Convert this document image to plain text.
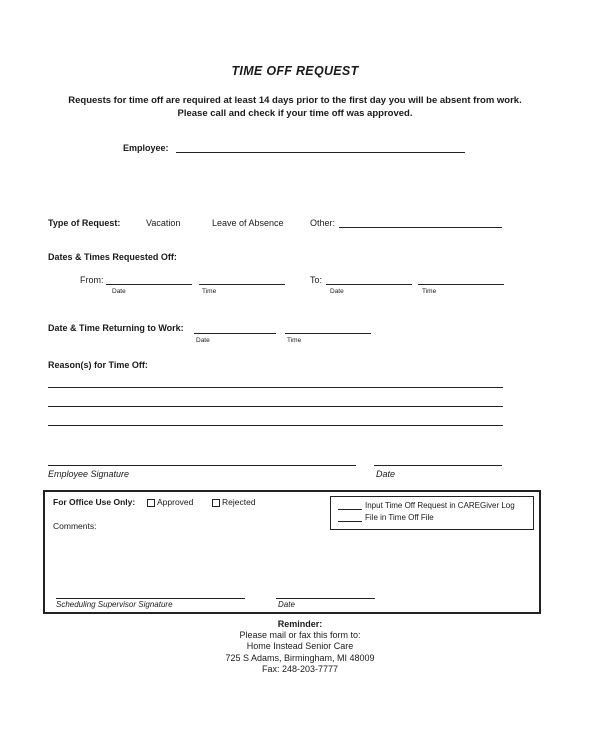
TIME OFF REQUEST
Requests for time off are required at least 14 days prior to the first day you will be absent from work.
Please call and check if your time off was approved.
Employee:
Type of Request:	Vacation	Leave of Absence	Other:
Dates & Times Requested Off:
From:
Date	Time
To:
Date	Time
Date & Time Returning to Work:
Date	Time
Reason(s) for Time Off:
Employee Signature	Date
For Office Use Only:	Approved	Rejected
Comments:
Input Time Off Request in CAREGiver Log
File in Time Off File
Scheduling Supervisor Signature	Date
Reminder:
Please mail or fax this form to:
Home Instead Senior Care
725 S Adams, Birmingham, MI 48009
Fax: 248-203-7777
